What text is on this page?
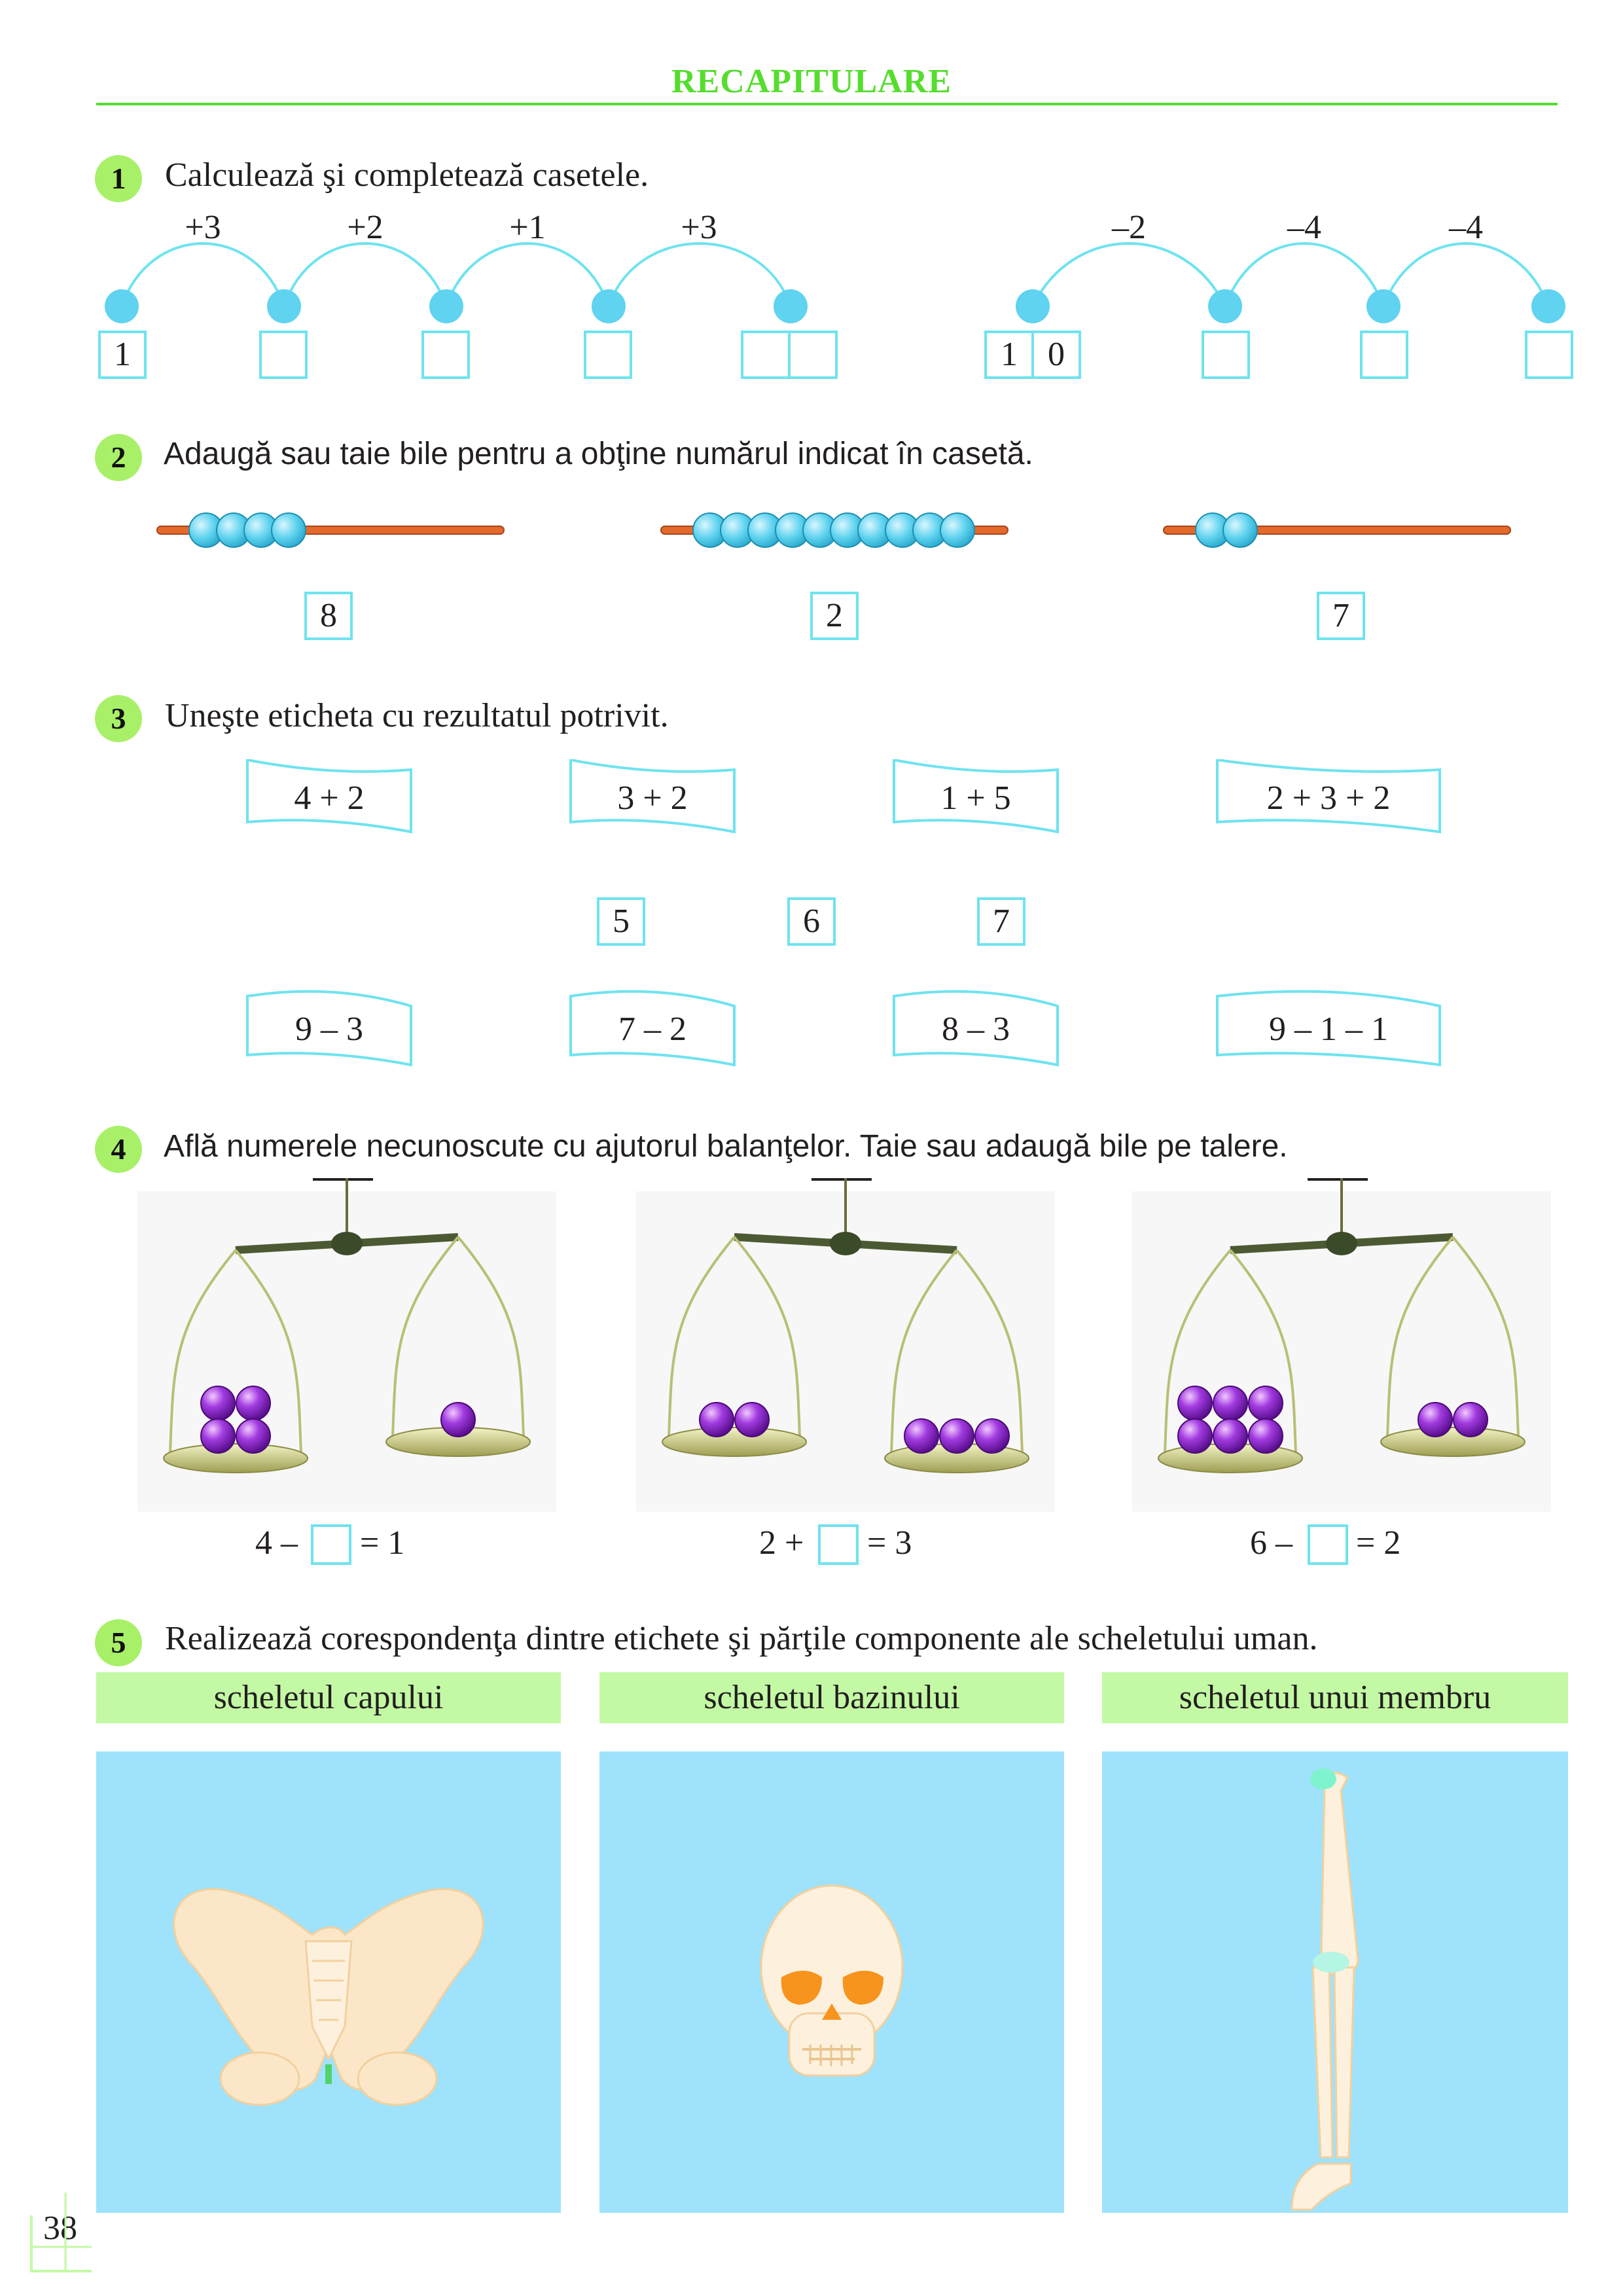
RECAPITULARE
1	Calculează şi completează casetele.
+3	+2	+1	+3	–2	–4	–4
1	1 0
2	Adaugă sau taie bile pentru a obţine numărul indicat în casetă.
8	2	7
3	Uneşte eticheta cu rezultatul potrivit.
4 + 2	3 + 2	1 + 5	2 + 3 + 2
5	6	7
9 – 3	7 – 2	8 – 3	9 – 1 – 1
4	Află numerele necunoscute cu ajutorul balanţelor. Taie sau adaugă bile pe talere.
4 – = 1	2 + = 3	6 – = 2
5	Realizează corespondenţa dintre etichete şi părţile componente ale scheletului uman.
scheletul capului	scheletul bazinului	scheletul unui membru
38
